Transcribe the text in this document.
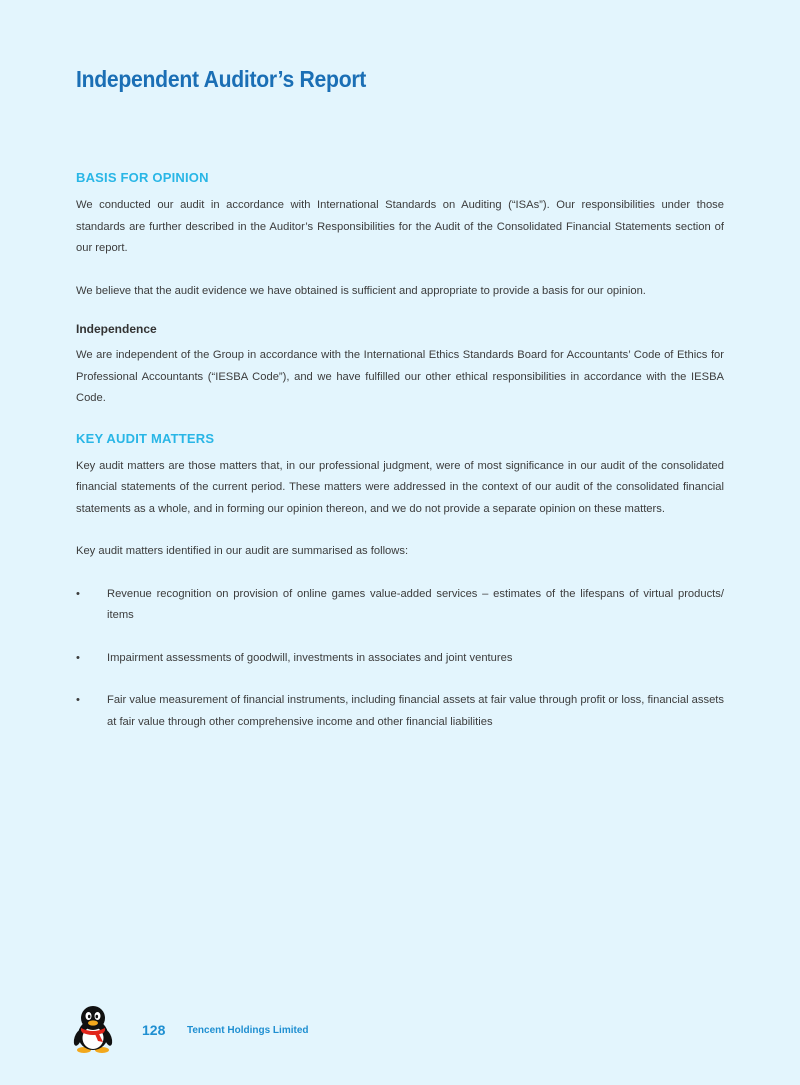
Independent Auditor’s Report
BASIS FOR OPINION

We conducted our audit in accordance with International Standards on Auditing (“ISAs”). Our responsibilities under those standards are further described in the Auditor’s Responsibilities for the Audit of the Consolidated Financial Statements section of our report.

We believe that the audit evidence we have obtained is sufficient and appropriate to provide a basis for our opinion.

Independence

We are independent of the Group in accordance with the International Ethics Standards Board for Accountants’ Code of Ethics for Professional Accountants (“IESBA Code”), and we have fulfilled our other ethical responsibilities in accordance with the IESBA Code.

KEY AUDIT MATTERS

Key audit matters are those matters that, in our professional judgment, were of most significance in our audit of the consolidated financial statements of the current period. These matters were addressed in the context of our audit of the consolidated financial statements as a whole, and in forming our opinion thereon, and we do not provide a separate opinion on these matters.

Key audit matters identified in our audit are summarised as follows:

• Revenue recognition on provision of online games value-added services – estimates of the lifespans of virtual products/ items
• Impairment assessments of goodwill, investments in associates and joint ventures
• Fair value measurement of financial instruments, including financial assets at fair value through profit or loss, financial assets at fair value through other comprehensive income and other financial liabilities
128 Tencent Holdings Limited
